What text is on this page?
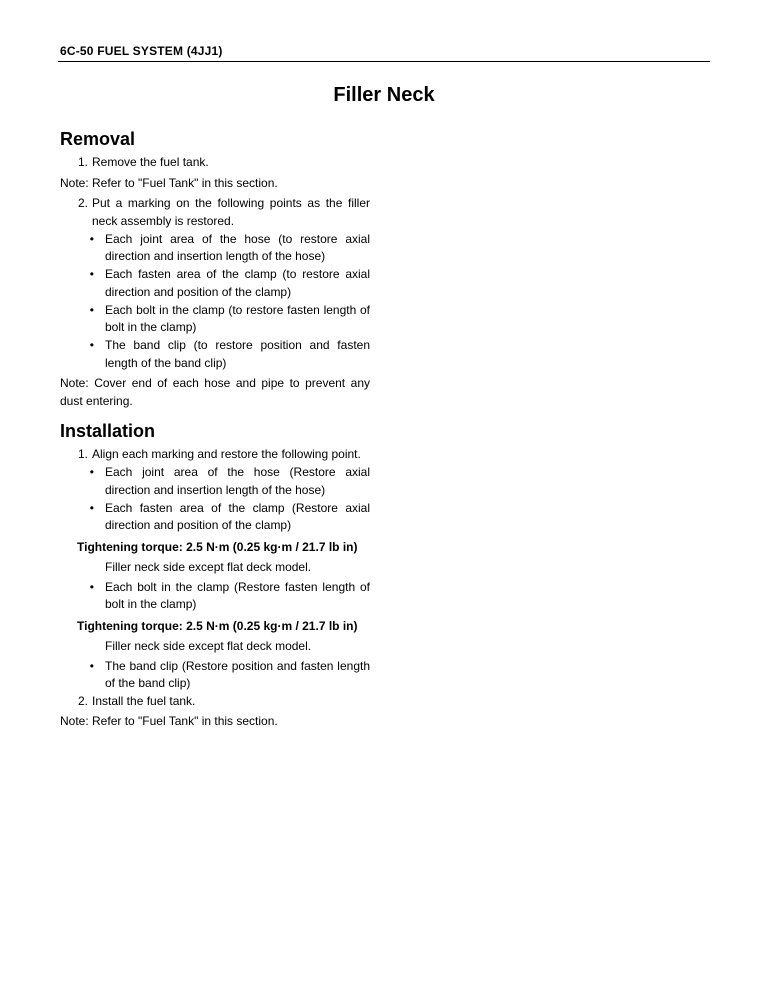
6C-50 FUEL SYSTEM (4JJ1)
Filler Neck
Removal
1. Remove the fuel tank.
Note: Refer to "Fuel Tank" in this section.
2. Put a marking on the following points as the filler neck assembly is restored.
• Each joint area of the hose (to restore axial direction and insertion length of the hose)
• Each fasten area of the clamp (to restore axial direction and position of the clamp)
• Each bolt in the clamp (to restore fasten length of bolt in the clamp)
• The band clip (to restore position and fasten length of the band clip)
Note: Cover end of each hose and pipe to prevent any dust entering.
Installation
1. Align each marking and restore the following point.
• Each joint area of the hose (Restore axial direction and insertion length of the hose)
• Each fasten area of the clamp (Restore axial direction and position of the clamp)
Tightening torque: 2.5 N·m (0.25 kg·m / 21.7 lb in)
Filler neck side except flat deck model.
• Each bolt in the clamp (Restore fasten length of bolt in the clamp)
Tightening torque: 2.5 N·m (0.25 kg·m / 21.7 lb in)
Filler neck side except flat deck model.
• The band clip (Restore position and fasten length of the band clip)
2. Install the fuel tank.
Note: Refer to "Fuel Tank" in this section.
